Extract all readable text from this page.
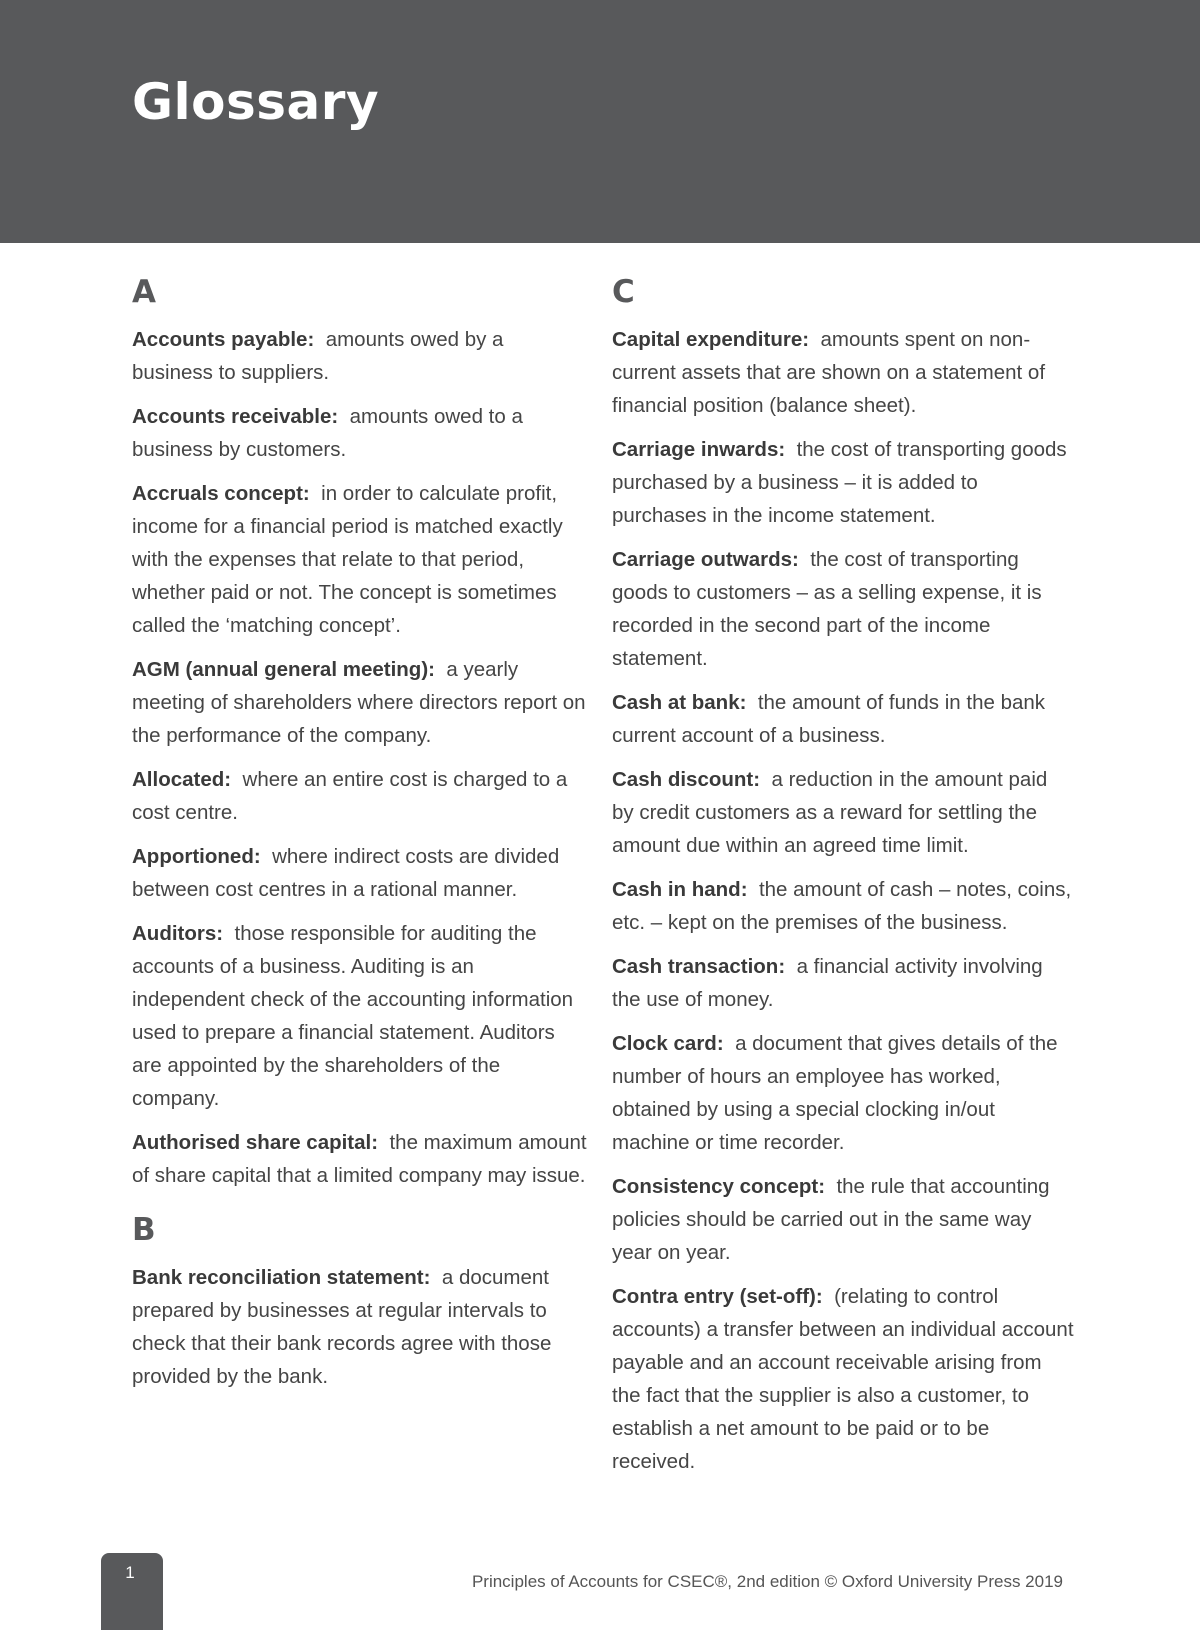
Glossary
A

Accounts payable: amounts owed by a business to suppliers.

Accounts receivable: amounts owed to a business by customers.

Accruals concept: in order to calculate profit, income for a financial period is matched exactly with the expenses that relate to that period, whether paid or not. The concept is sometimes called the ‘matching concept’.

AGM (annual general meeting): a yearly meeting of shareholders where directors report on the performance of the company.

Allocated: where an entire cost is charged to a cost centre.

Apportioned: where indirect costs are divided between cost centres in a rational manner.

Auditors: those responsible for auditing the accounts of a business. Auditing is an independent check of the accounting information used to prepare a financial statement. Auditors are appointed by the shareholders of the company.

Authorised share capital: the maximum amount of share capital that a limited company may issue.

B

Bank reconciliation statement: a document prepared by businesses at regular intervals to check that their bank records agree with those provided by the bank.

C

Capital expenditure: amounts spent on non-current assets that are shown on a statement of financial position (balance sheet).

Carriage inwards: the cost of transporting goods purchased by a business – it is added to purchases in the income statement.

Carriage outwards: the cost of transporting goods to customers – as a selling expense, it is recorded in the second part of the income statement.

Cash at bank: the amount of funds in the bank current account of a business.

Cash discount: a reduction in the amount paid by credit customers as a reward for settling the amount due within an agreed time limit.

Cash in hand: the amount of cash – notes, coins, etc. – kept on the premises of the business.

Cash transaction: a financial activity involving the use of money.

Clock card: a document that gives details of the number of hours an employee has worked, obtained by using a special clocking in/out machine or time recorder.

Consistency concept: the rule that accounting policies should be carried out in the same way year on year.

Contra entry (set-off): (relating to control accounts) a transfer between an individual account payable and an account receivable arising from the fact that the supplier is also a customer, to establish a net amount to be paid or to be received.

1	Principles of Accounts for CSEC®, 2nd edition © Oxford University Press 2019
